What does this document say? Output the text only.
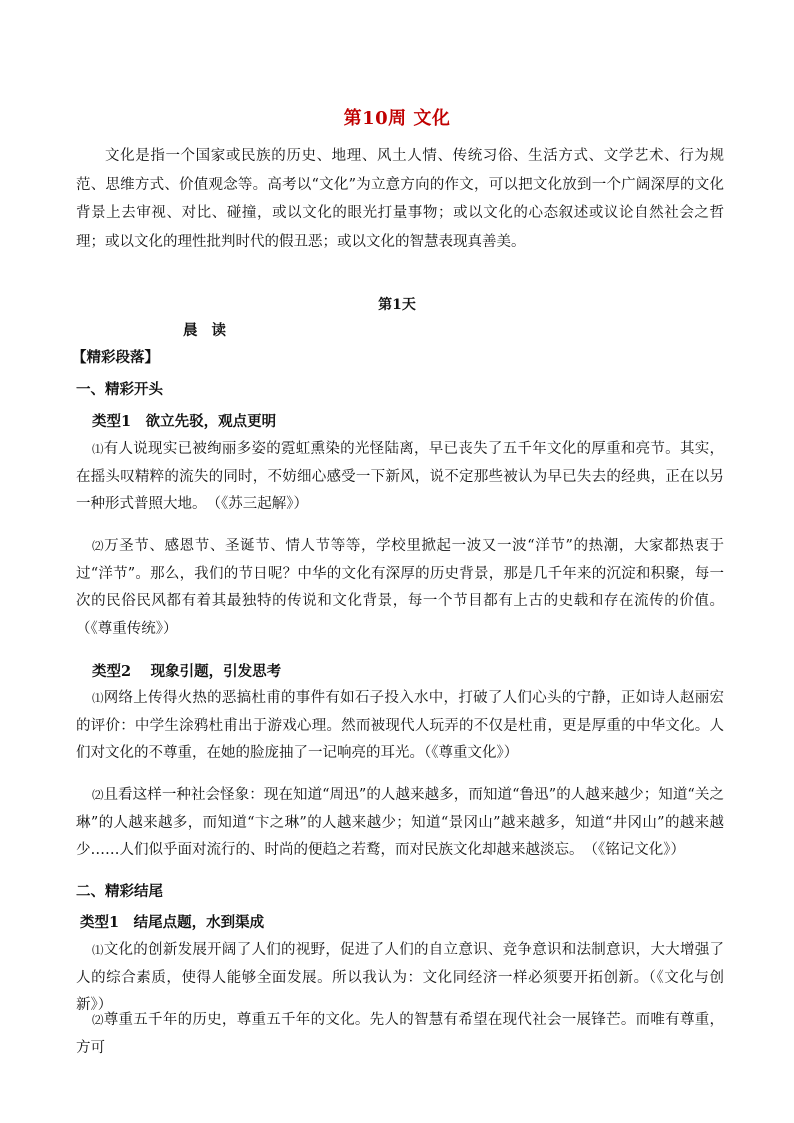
第10周 文化

文化是指一个国家或民族的历史、地理、风土人情、传统习俗、生活方式、文学艺术、行为规范、思维方式、价值观念等。高考以“文化”为立意方向的作文，可以把文化放到一个广阔深厚的文化背景上去审视、对比、碰撞，或以文化的眼光打量事物；或以文化的心态叙述或议论自然社会之哲理；或以文化的理性批判时代的假丑恶；或以文化的智慧表现真善美。

第1天
晨读
【精彩段落】
一、精彩开头
类型1　欲立先驳，观点更明

⑴有人说现实已被绚丽多姿的霓虹熏染的光怪陆离，早已丧失了五千年文化的厚重和亮节。其实，在摇头叹精粹的流失的同时，不妨细心感受一下新风，说不定那些被认为早已失去的经典，正在以另一种形式普照大地。　（《苏三起解》）

⑵万圣节、感恩节、圣诞节、情人节等等，学校里掀起一波又一波“洋节”的热潮，大家都热衷于过“洋节”。那么，我们的节日呢？中华的文化有深厚的历史背景，那是几千年来的沉淀和积聚，每一次的民俗民风都有着其最独特的传说和文化背景，每一个节目都有上古的史载和存在流传的价值。（《尊重传统》）

类型2　 现象引题，引发思考

⑴网络上传得火热的恶搞杜甫的事件有如石子投入水中，打破了人们心头的宁静，正如诗人赵丽宏的评价：中学生涂鸦杜甫出于游戏心理。然而被现代人玩弄的不仅是杜甫，更是厚重的中华文化。人们对文化的不尊重，在她的脸庞抽了一记响亮的耳光。（《尊重文化》）

⑵且看这样一种社会怪象：现在知道“周迅”的人越来越多，而知道“鲁迅”的人越来越少；知道“关之琳”的人越来越多，而知道“卞之琳”的人越来越少；知道“景冈山”越来越多，知道“井冈山”的越来越少……人们似乎面对流行的、时尚的便趋之若鹜，而对民族文化却越来越淡忘。　（《铭记文化》）

二、精彩结尾
类型1　结尾点题，水到渠成

⑴文化的创新发展开阔了人们的视野，促进了人们的自立意识、竞争意识和法制意识，大大增强了人的综合素质，使得人能够全面发展。所以我认为：文化同经济一样必须要开拓创新。（《文化与创新》）

⑵尊重五千年的历史，尊重五千年的文化。先人的智慧有希望在现代社会一展锋芒。而唯有尊重，方可
